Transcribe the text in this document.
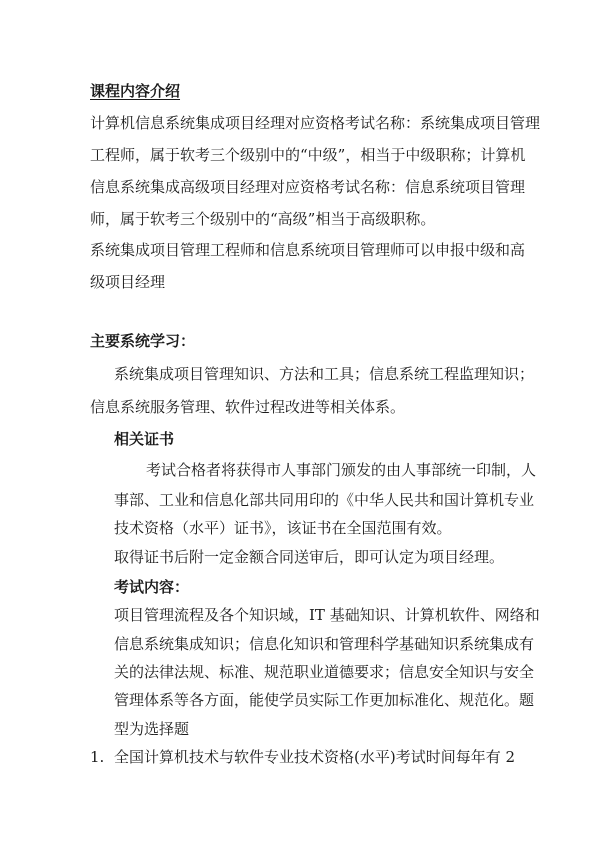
课程内容介绍
计算机信息系统集成项目经理对应资格考试名称：系统集成项目管理
工程师，属于软考三个级别中的“中级”，相当于中级职称；计算机
信息系统集成高级项目经理对应资格考试名称：信息系统项目管理
师，属于软考三个级别中的“高级”相当于高级职称。
系统集成项目管理工程师和信息系统项目管理师可以申报中级和高
级项目经理
主要系统学习：
系统集成项目管理知识、方法和工具；信息系统工程监理知识；
信息系统服务管理、软件过程改进等相关体系。
相关证书
考试合格者将获得市人事部门颁发的由人事部统一印制，人
事部、工业和信息化部共同用印的《中华人民共和国计算机专业
技术资格（水平）证书》，该证书在全国范围有效。
取得证书后附一定金额合同送审后，即可认定为项目经理。
考试内容：
项目管理流程及各个知识域，IT 基础知识、计算机软件、网络和
信息系统集成知识；信息化知识和管理科学基础知识系统集成有
关的法律法规、标准、规范职业道德要求；信息安全知识与安全
管理体系等各方面，能使学员实际工作更加标准化、规范化。题
型为选择题
1. 全国计算机技术与软件专业技术资格(水平)考试时间每年有 2
